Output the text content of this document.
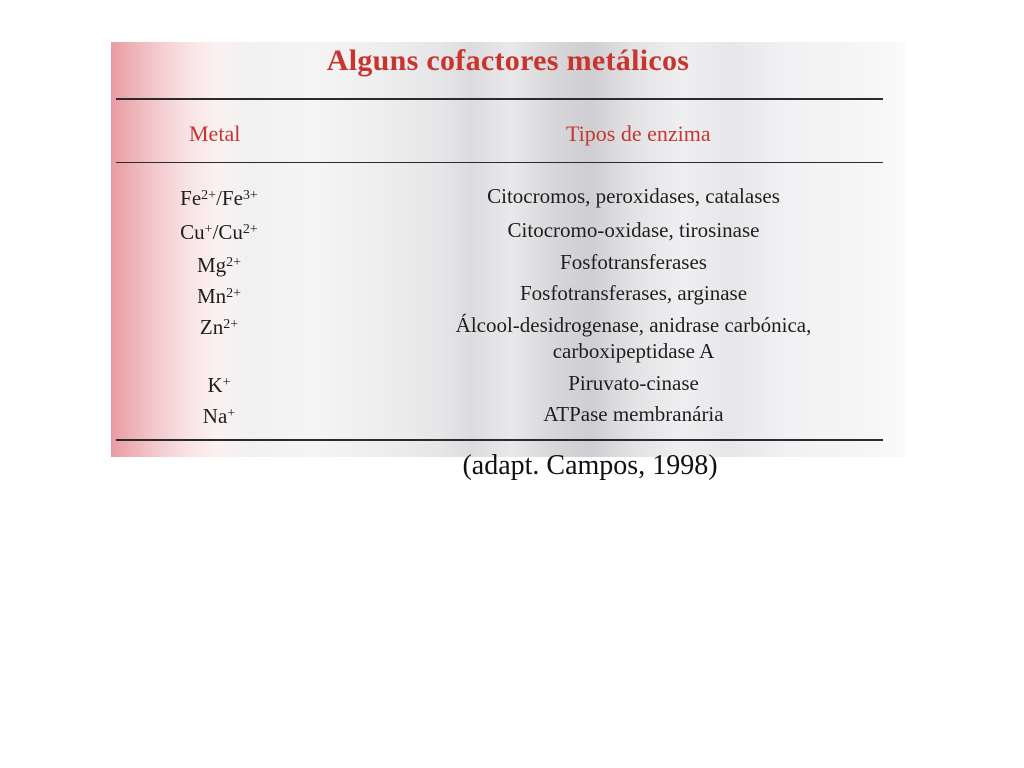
Alguns cofactores metálicos
Metal	Tipos de enzima
$Fe^{2+}/Fe^{3+}$	Citocromos, peroxidases, catalases
$Cu^+/Cu^{2+}$	Citocromo-oxidase, tirosinase
$Mg^{2+}$	Fosfotransferases
$Mn^{2+}$	Fosfotransferases, arginase
$Zn^{2+}$	Álcool-desidrogenase, anidrase carbónica,
carboxipeptidase A
K+	Piruvato-cinase
Na+	ATPase membranária
(adapt. Campos, 1998)
